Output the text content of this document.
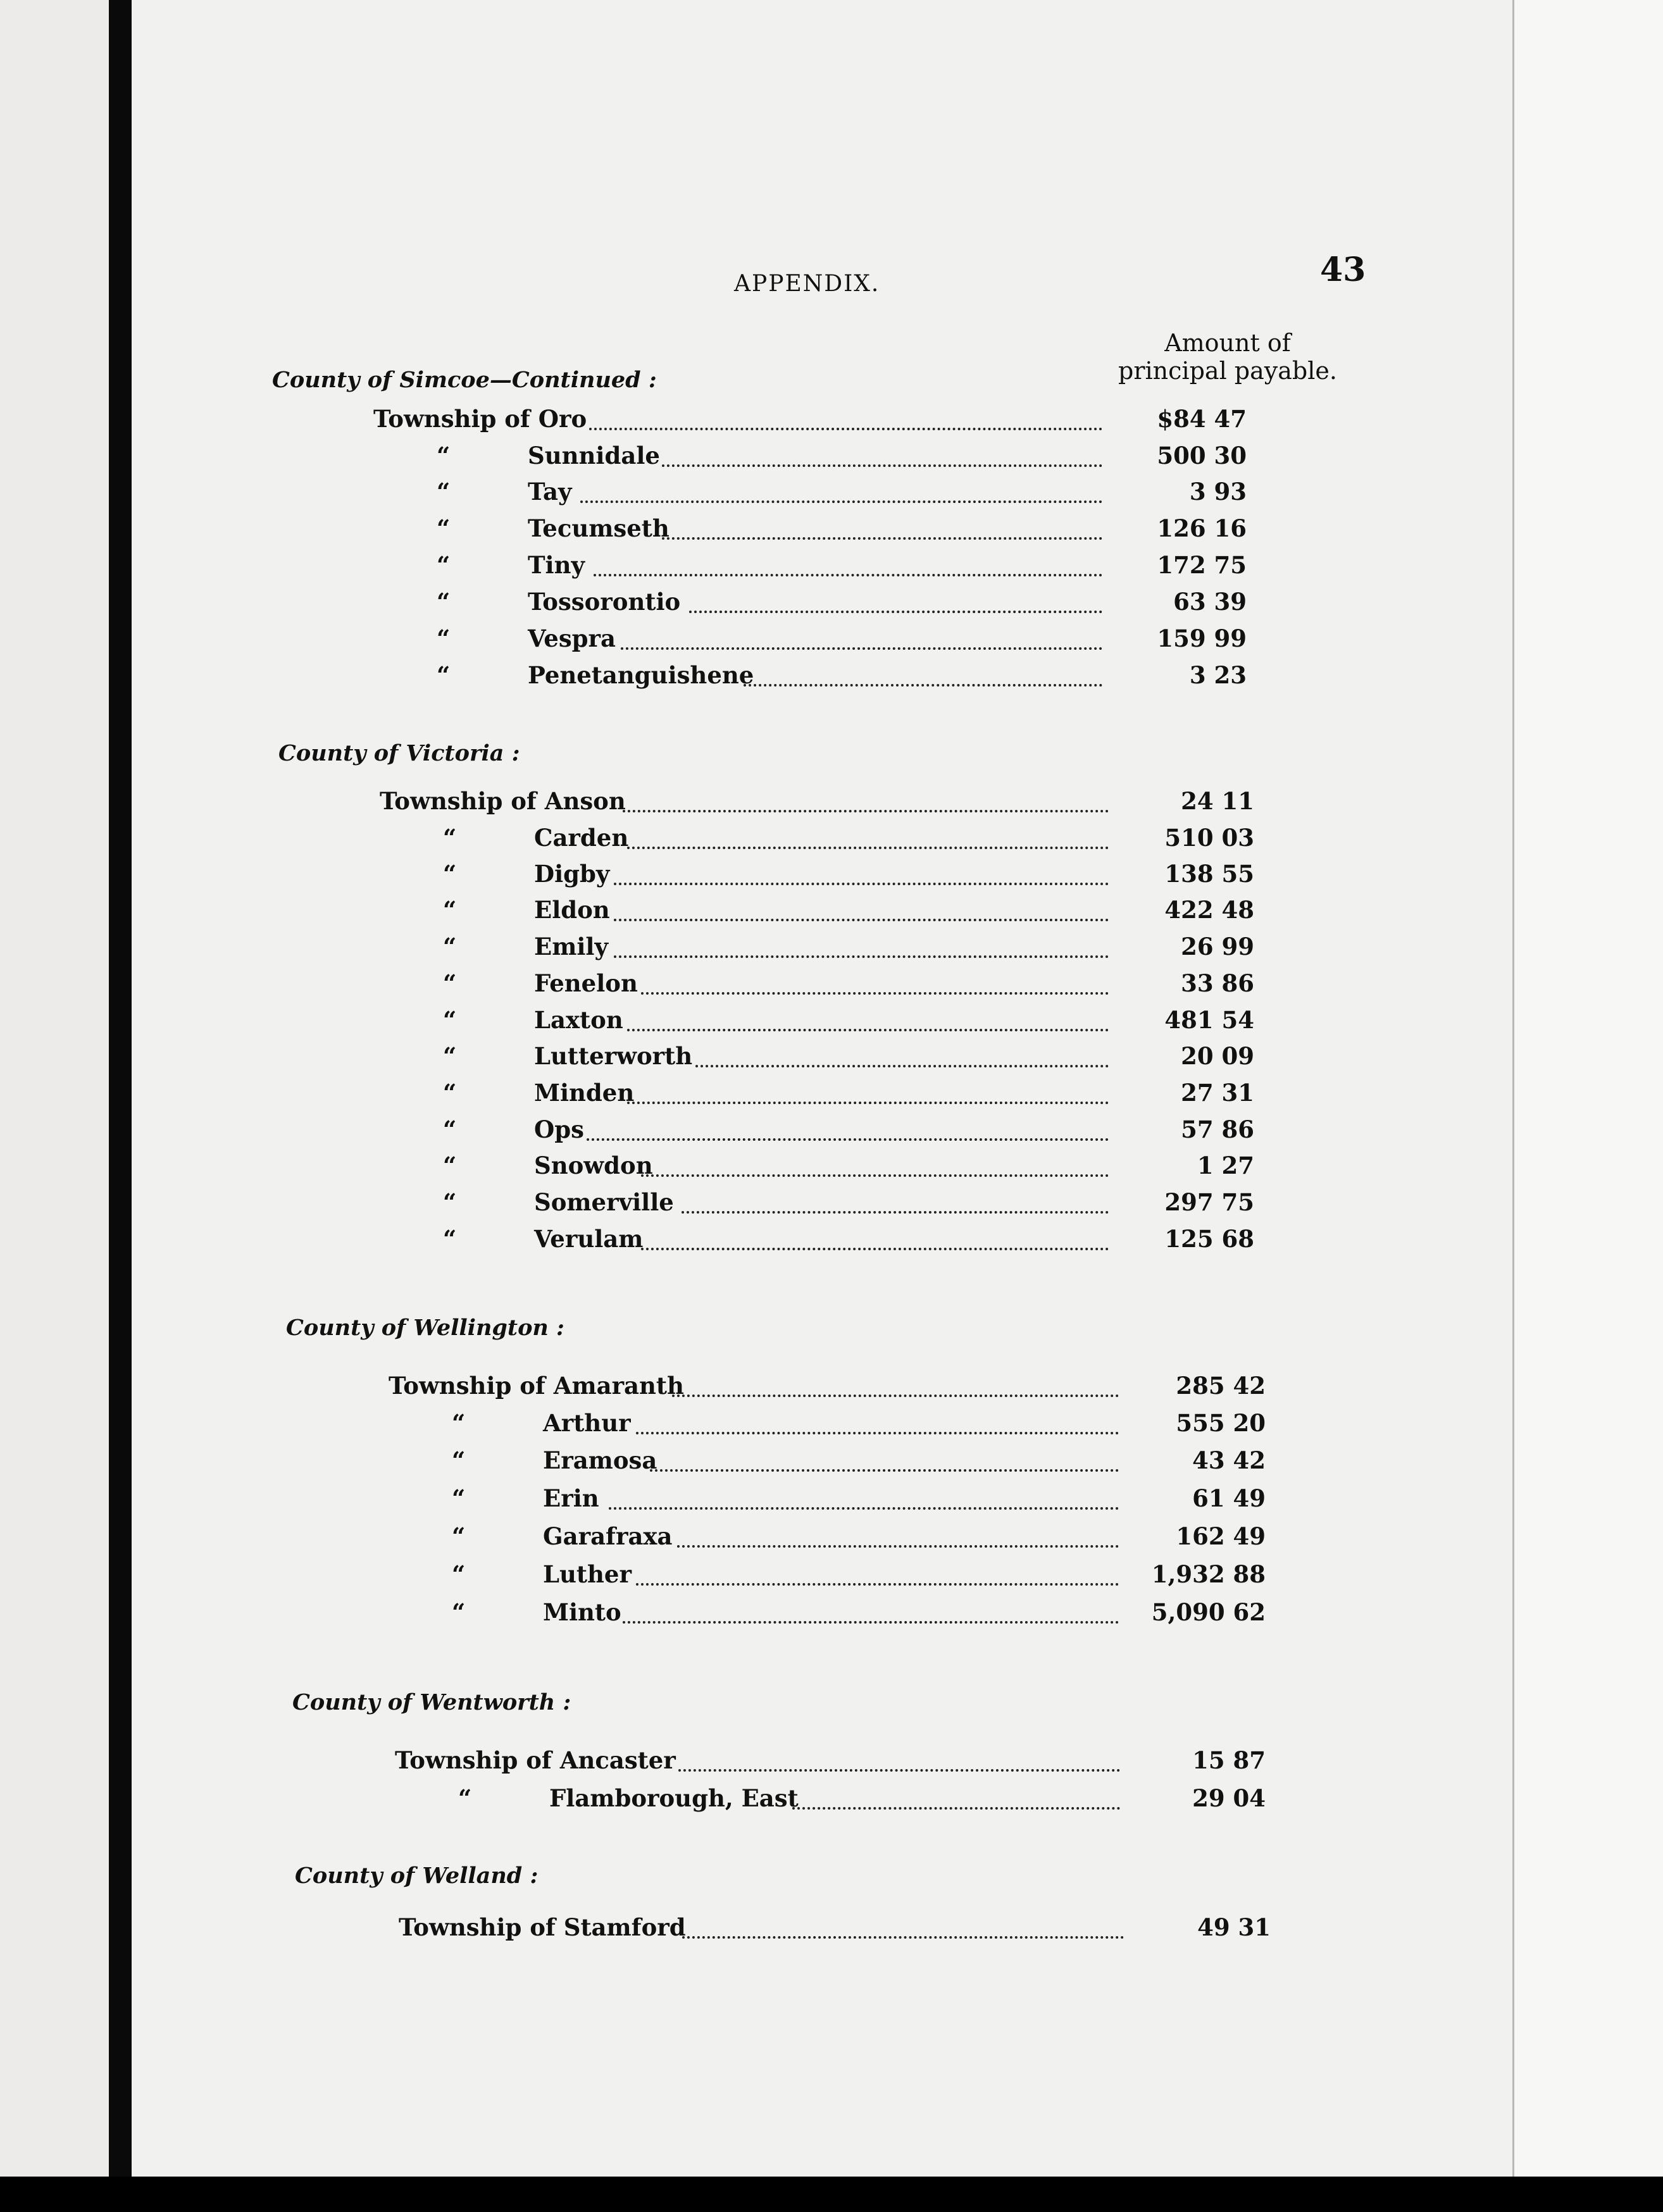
APPENDIX.	43
Amount of
principal payable.
County of Simcoe—Continued :
Township of Oro	$84 47
“	Sunnidale	500 30
“	Tay	3 93
“	Tecumseth	126 16
“	Tiny	172 75
“	Tossorontio	63 39
“	Vespra	159 99
“	Penetanguishene	3 23
County of Victoria :
Township of Anson	24 11
“	Carden	510 03
“	Digby	138 55
“	Eldon	422 48
“	Emily	26 99
“	Fenelon	33 86
“	Laxton	481 54
“	Lutterworth	20 09
“	Minden	27 31
“	Ops	57 86
“	Snowdon	1 27
“	Somerville	297 75
“	Verulam	125 68
County of Wellington :
Township of Amaranth	285 42
“	Arthur	555 20
“	Eramosa	43 42
“	Erin	61 49
“	Garafraxa	162 49
“	Luther	1,932 88
“	Minto	5,090 62
County of Wentworth :
Township of Ancaster	15 87
“	Flamborough, East	29 04
County of Welland :
Township of Stamford	49 31
